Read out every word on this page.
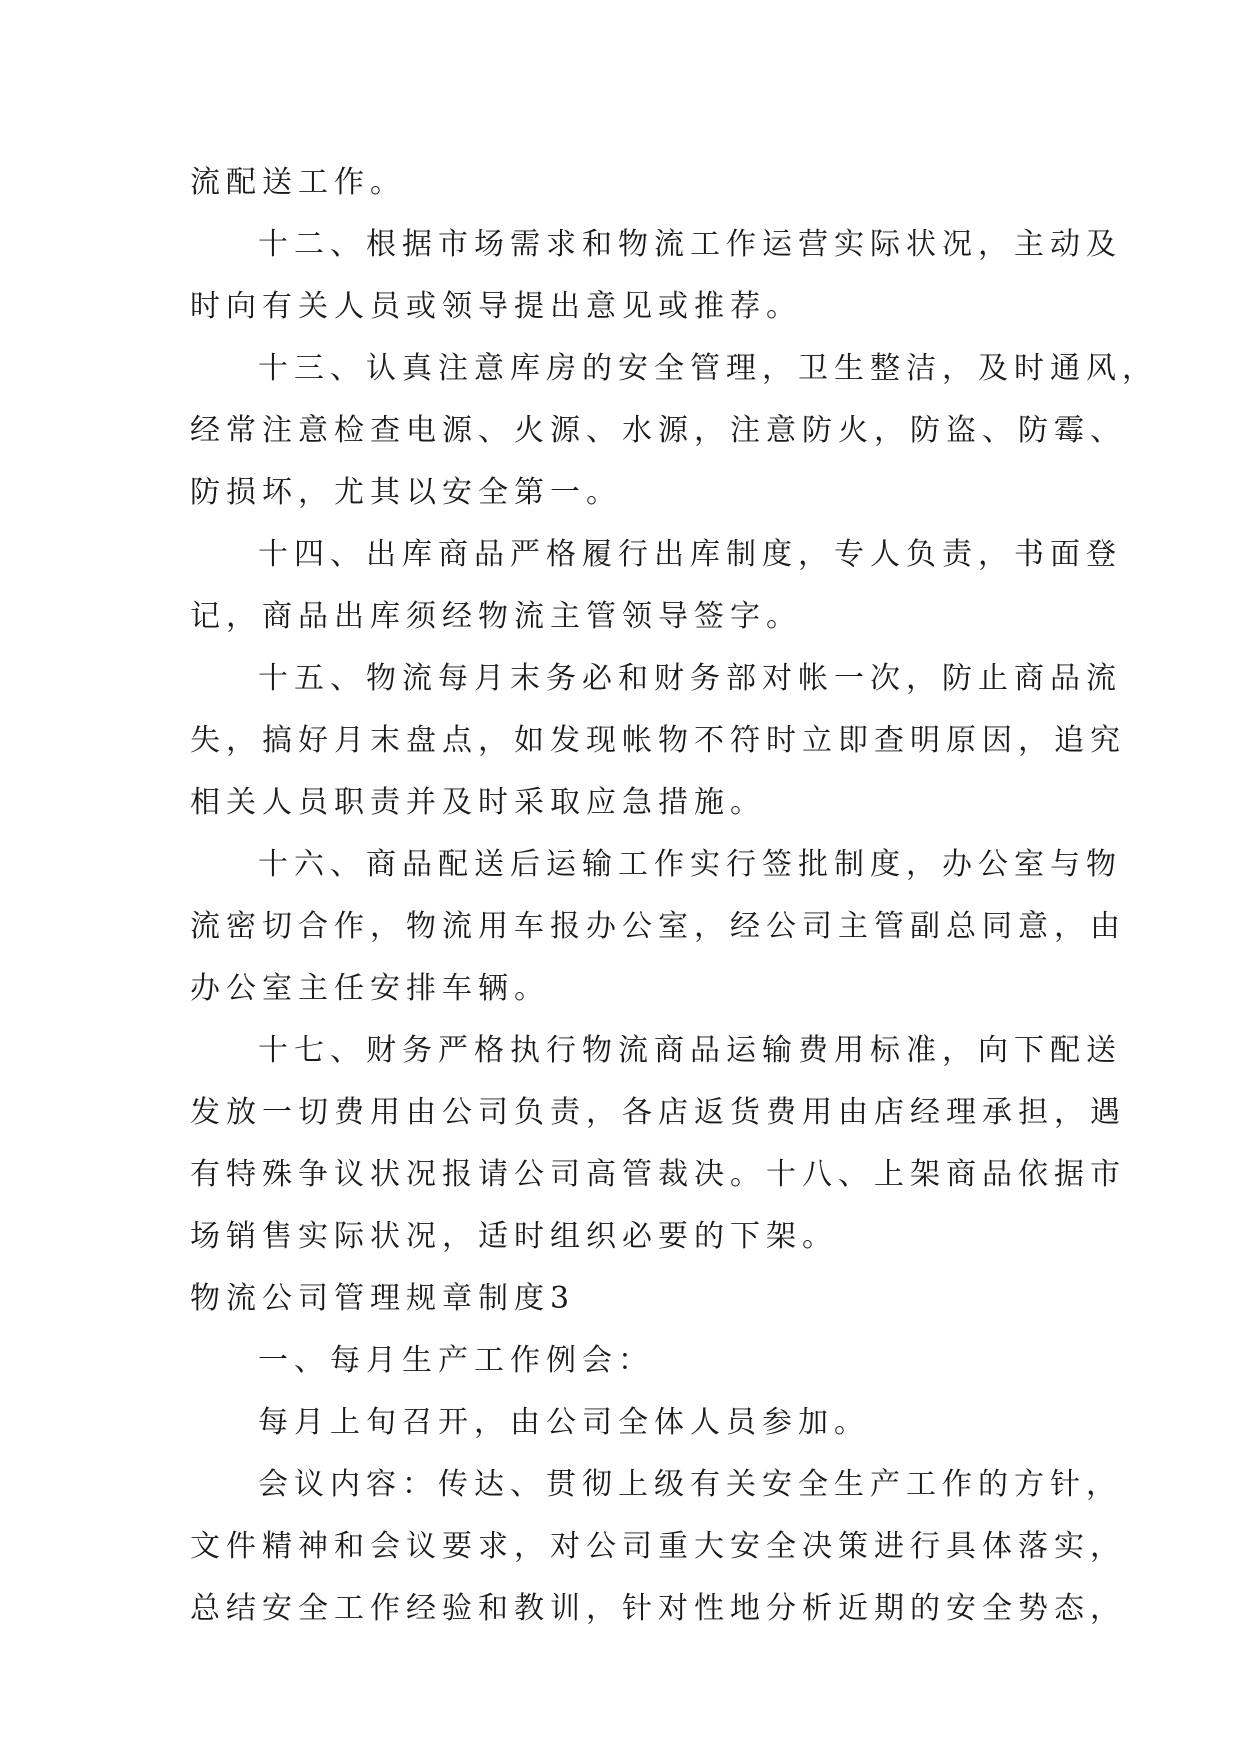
流配送工作。

十二、根据市场需求和物流工作运营实际状况，主动及

时向有关人员或领导提出意见或推荐。

十三、认真注意库房的安全管理，卫生整洁，及时通风，

经常注意检查电源、火源、水源，注意防火，防盗、防霉、

防损坏，尤其以安全第一。

十四、出库商品严格履行出库制度，专人负责，书面登

记，商品出库须经物流主管领导签字。

十五、物流每月末务必和财务部对帐一次，防止商品流

失，搞好月末盘点，如发现帐物不符时立即查明原因，追究

相关人员职责并及时采取应急措施。

十六、商品配送后运输工作实行签批制度，办公室与物

流密切合作，物流用车报办公室，经公司主管副总同意，由

办公室主任安排车辆。

十七、财务严格执行物流商品运输费用标准，向下配送

发放一切费用由公司负责，各店返货费用由店经理承担，遇

有特殊争议状况报请公司高管裁决。十八、上架商品依据市

场销售实际状况，适时组织必要的下架。

物流公司管理规章制度3

一、每月生产工作例会：

每月上旬召开，由公司全体人员参加。

会议内容：传达、贯彻上级有关安全生产工作的方针，

文件精神和会议要求，对公司重大安全决策进行具体落实，

总结安全工作经验和教训，针对性地分析近期的安全势态，
